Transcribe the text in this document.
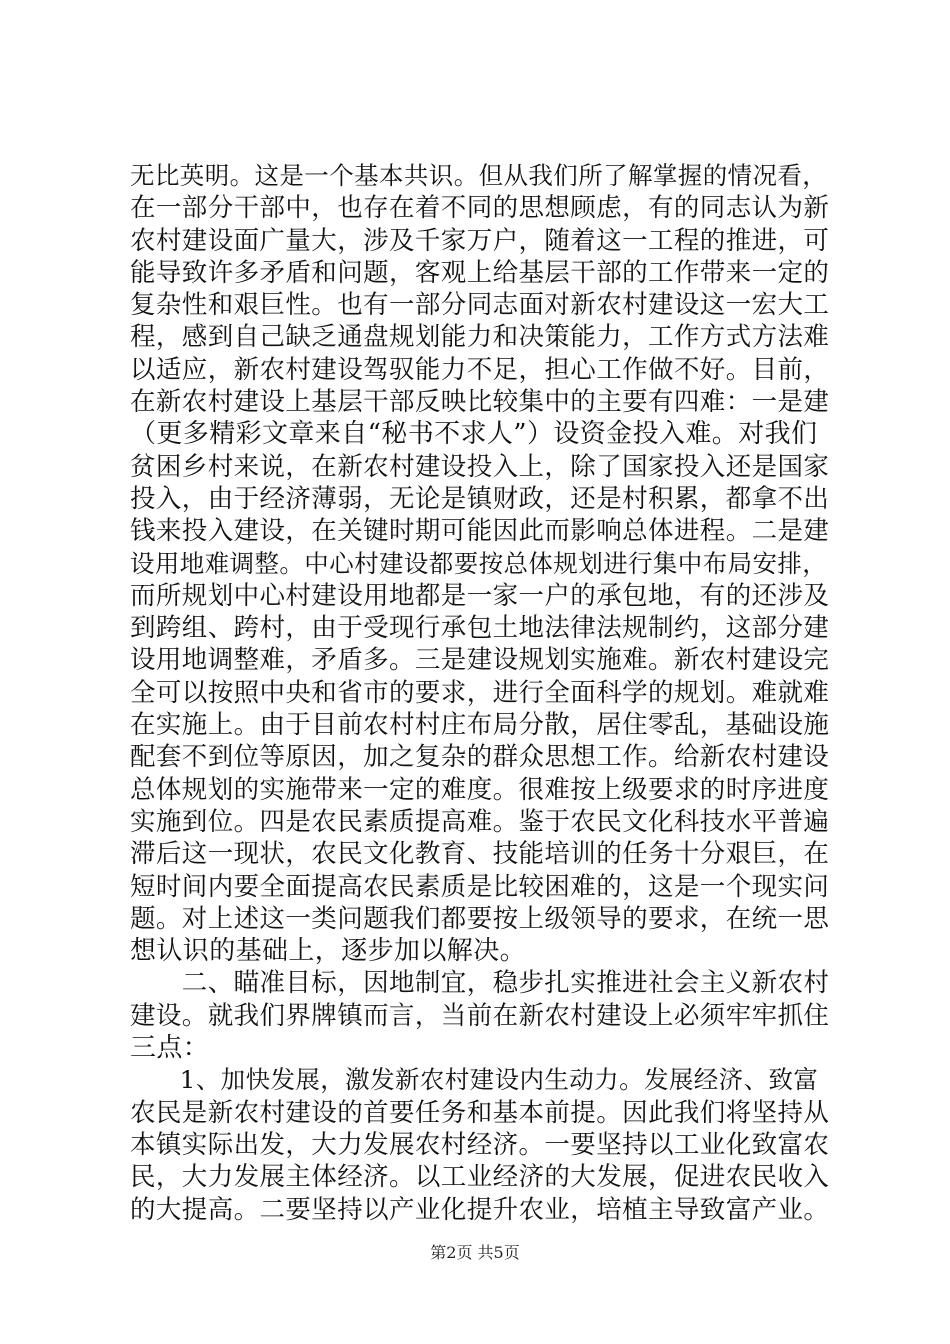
无比英明。这是一个基本共识。但从我们所了解掌握的情况看，
在一部分干部中，也存在着不同的思想顾虑，有的同志认为新
农村建设面广量大，涉及千家万户，随着这一工程的推进，可
能导致许多矛盾和问题，客观上给基层干部的工作带来一定的
复杂性和艰巨性。也有一部分同志面对新农村建设这一宏大工
程，感到自己缺乏通盘规划能力和决策能力，工作方式方法难
以适应，新农村建设驾驭能力不足，担心工作做不好。目前，
在新农村建设上基层干部反映比较集中的主要有四难：一是建
（更多精彩文章来自“秘书不求人”）设资金投入难。对我们
贫困乡村来说，在新农村建设投入上，除了国家投入还是国家
投入，由于经济薄弱，无论是镇财政，还是村积累，都拿不出
钱来投入建设，在关键时期可能因此而影响总体进程。二是建
设用地难调整。中心村建设都要按总体规划进行集中布局安排，
而所规划中心村建设用地都是一家一户的承包地，有的还涉及
到跨组、跨村，由于受现行承包土地法律法规制约，这部分建
设用地调整难，矛盾多。三是建设规划实施难。新农村建设完
全可以按照中央和省市的要求，进行全面科学的规划。难就难
在实施上。由于目前农村村庄布局分散，居住零乱，基础设施
配套不到位等原因，加之复杂的群众思想工作。给新农村建设
总体规划的实施带来一定的难度。很难按上级要求的时序进度
实施到位。四是农民素质提高难。鉴于农民文化科技水平普遍
滞后这一现状，农民文化教育、技能培训的任务十分艰巨，在
短时间内要全面提高农民素质是比较困难的，这是一个现实问
题。对上述这一类问题我们都要按上级领导的要求，在统一思
想认识的基础上，逐步加以解决。
　　二、瞄准目标，因地制宜，稳步扎实推进社会主义新农村
建设。就我们界牌镇而言，当前在新农村建设上必须牢牢抓住
三点：
　　1、加快发展，激发新农村建设内生动力。发展经济、致富
农民是新农村建设的首要任务和基本前提。因此我们将坚持从
本镇实际出发，大力发展农村经济。一要坚持以工业化致富农
民，大力发展主体经济。以工业经济的大发展，促进农民收入
的大提高。二要坚持以产业化提升农业，培植主导致富产业。
第2页 共5页
